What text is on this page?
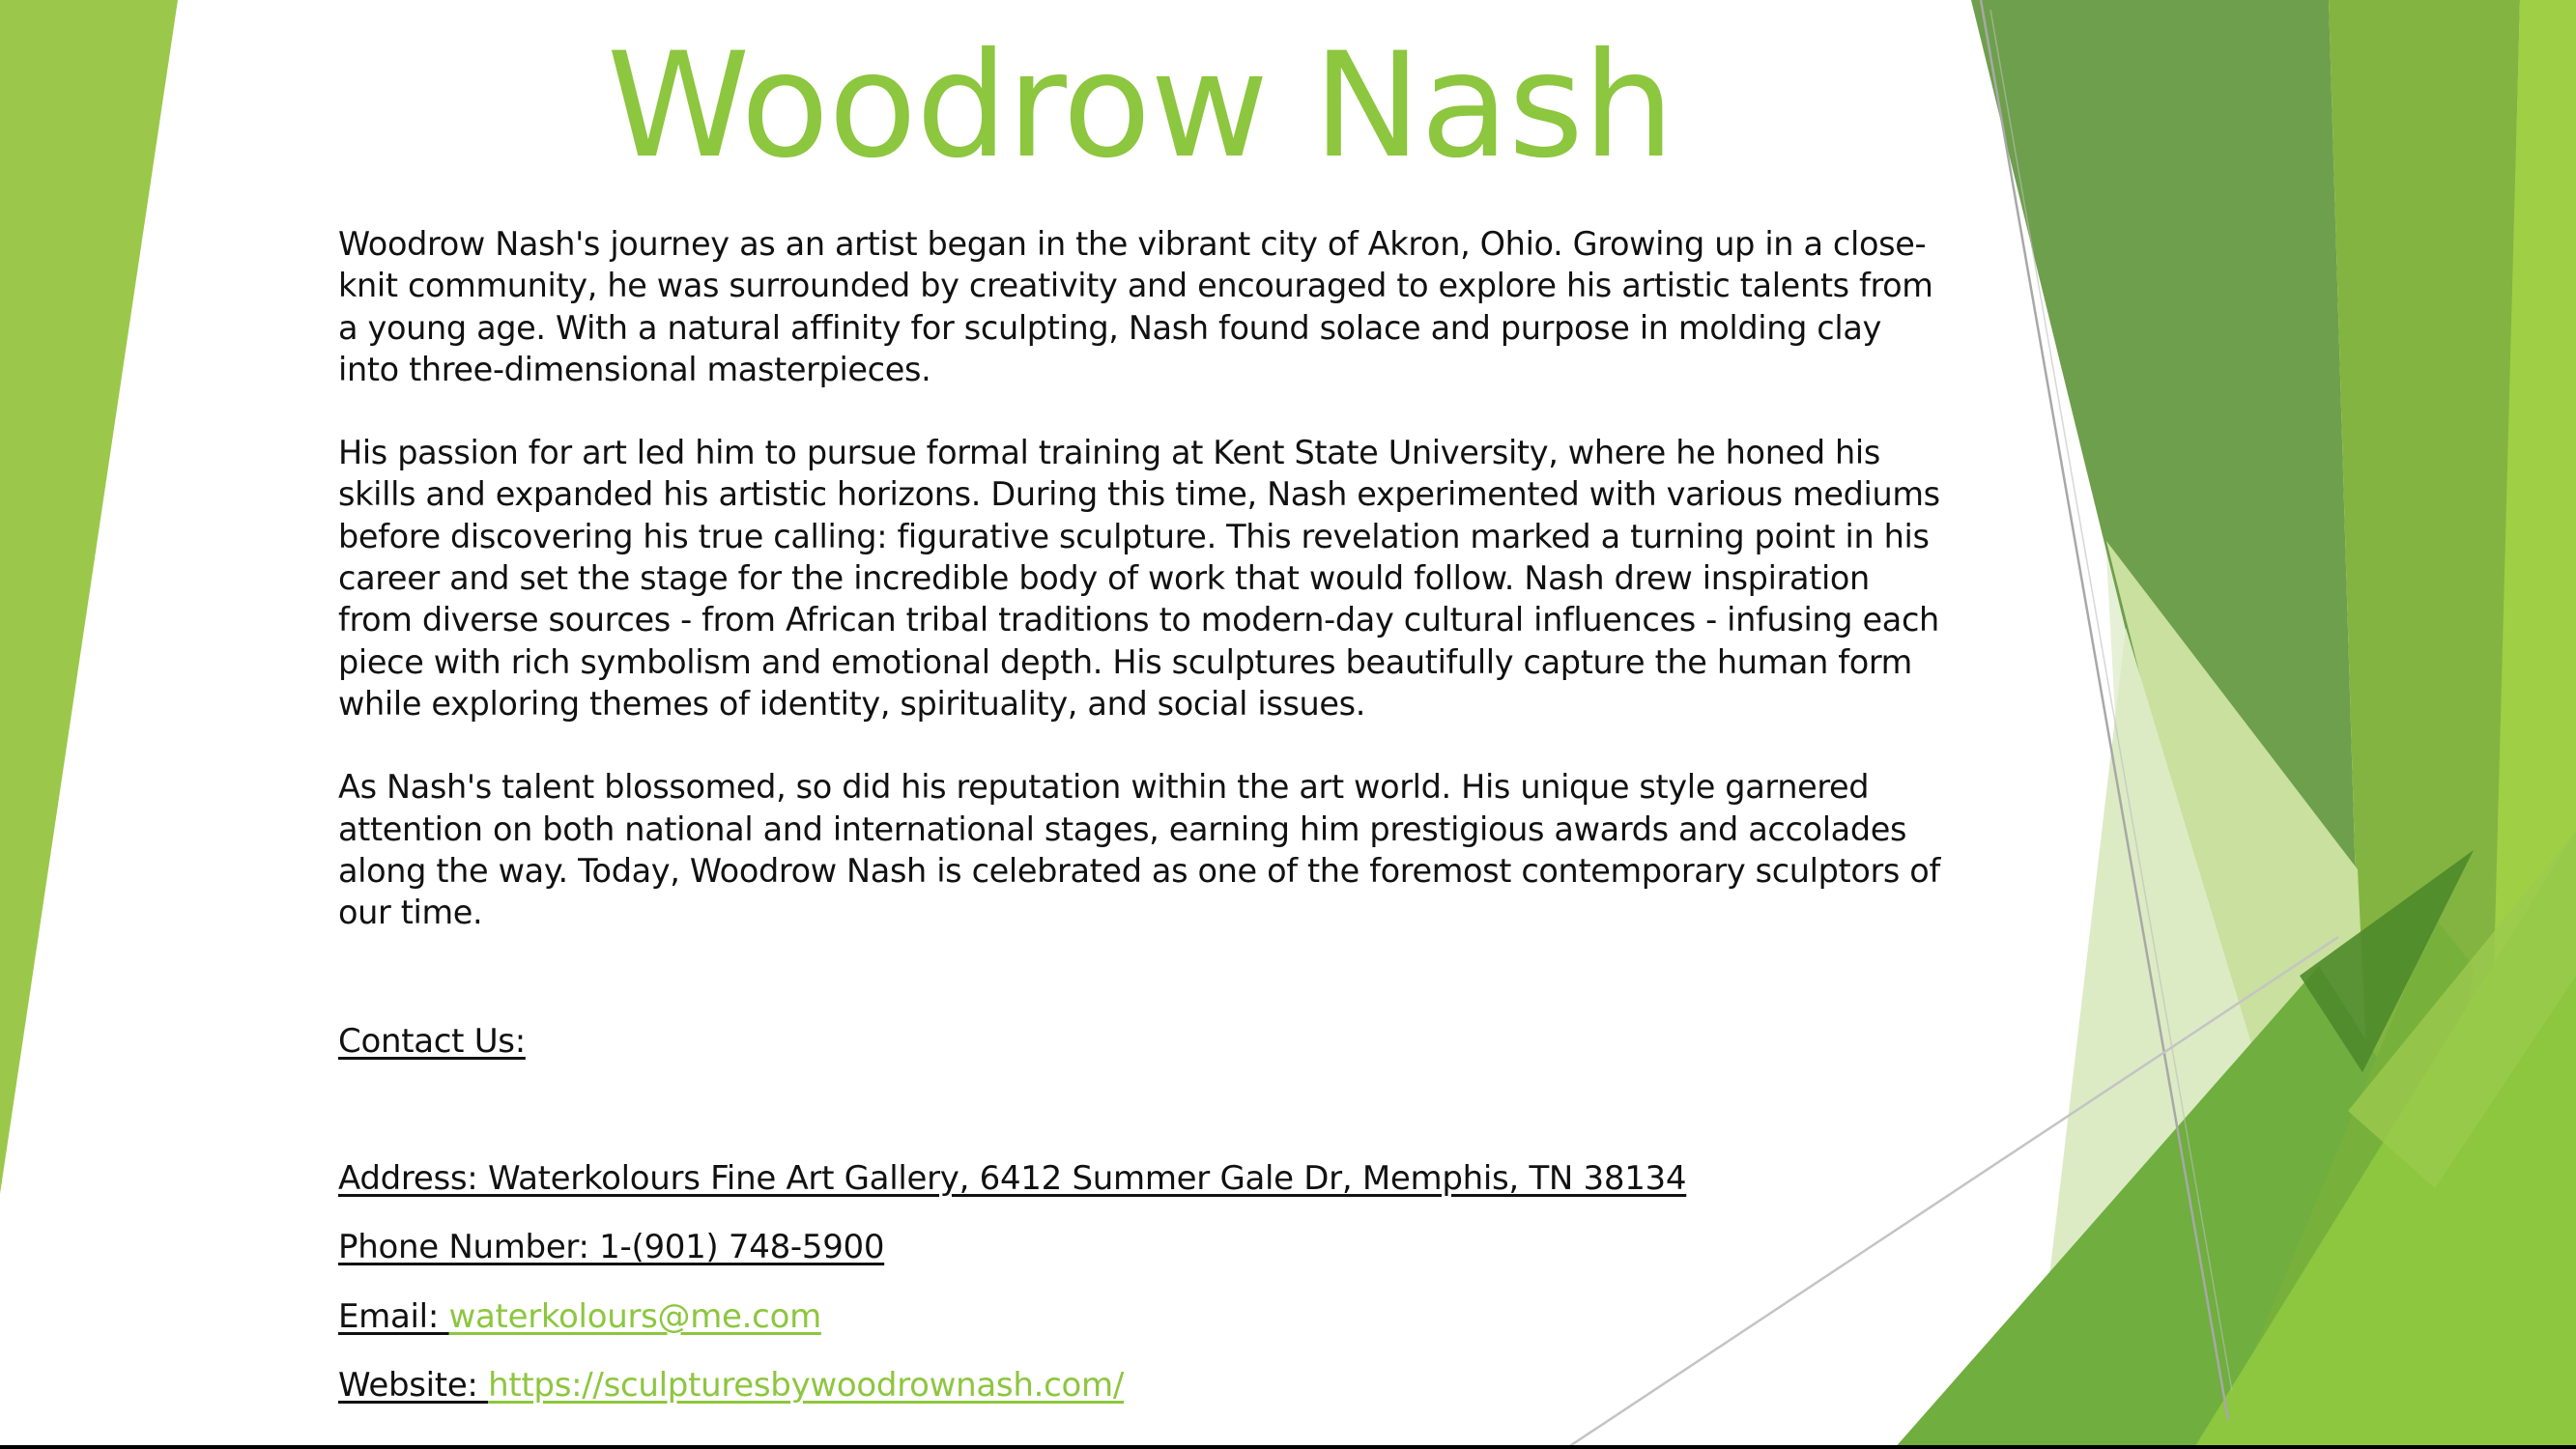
Woodrow Nash

Woodrow Nash's journey as an artist began in the vibrant city of Akron, Ohio. Growing up in a close-knit community, he was surrounded by creativity and encouraged to explore his artistic talents from a young age. With a natural affinity for sculpting, Nash found solace and purpose in molding clay into three-dimensional masterpieces.

His passion for art led him to pursue formal training at Kent State University, where he honed his skills and expanded his artistic horizons. During this time, Nash experimented with various mediums before discovering his true calling: figurative sculpture. This revelation marked a turning point in his career and set the stage for the incredible body of work that would follow. Nash drew inspiration from diverse sources - from African tribal traditions to modern-day cultural influences - infusing each piece with rich symbolism and emotional depth. His sculptures beautifully capture the human form while exploring themes of identity, spirituality, and social issues.

As Nash's talent blossomed, so did his reputation within the art world. His unique style garnered attention on both national and international stages, earning him prestigious awards and accolades along the way. Today, Woodrow Nash is celebrated as one of the foremost contemporary sculptors of our time.

Contact Us:
Address: Waterkolours Fine Art Gallery, 6412 Summer Gale Dr, Memphis, TN 38134
Phone Number: 1-(901) 748-5900
Email: waterkolours@me.com
Website: https://sculpturesbywoodrownash.com/
